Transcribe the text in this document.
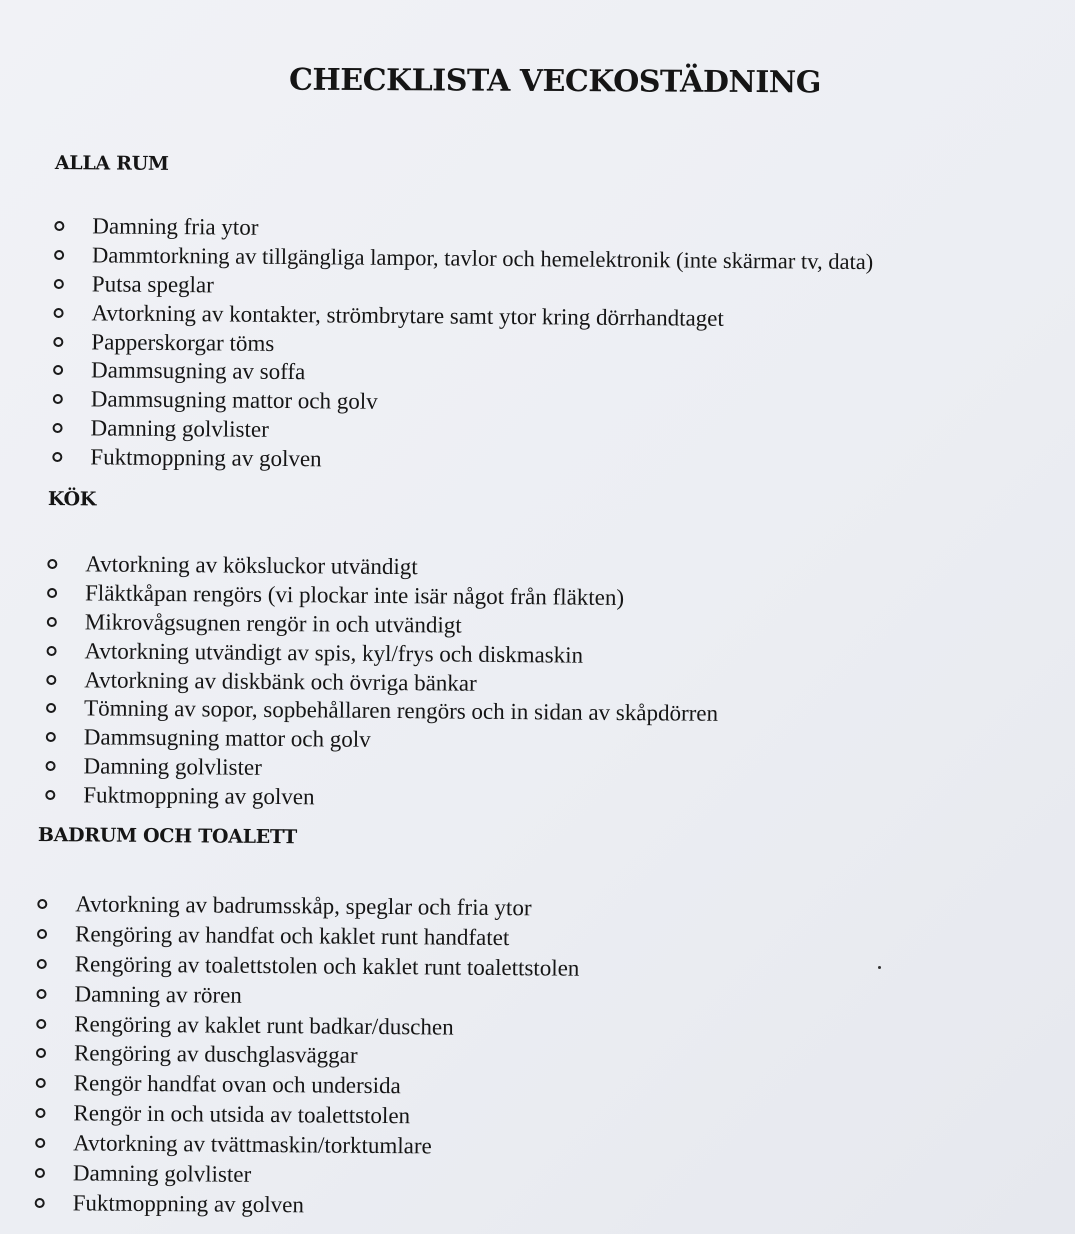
CHECKLISTA VECKOSTÄDNING
ALLA RUM
Damning fria ytor
Dammtorkning av tillgängliga lampor, tavlor och hemelektronik (inte skärmar tv, data)
Putsa speglar
Avtorkning av kontakter, strömbrytare samt ytor kring dörrhandtaget
Papperskorgar töms
Dammsugning av soffa
Dammsugning mattor och golv
Damning golvlister
Fuktmoppning av golven
KÖK
Avtorkning av köksluckor utvändigt
Fläktkåpan rengörs (vi plockar inte isär något från fläkten)
Mikrovågsugnen rengör in och utvändigt
Avtorkning utvändigt av spis, kyl/frys och diskmaskin
Avtorkning av diskbänk och övriga bänkar
Tömning av sopor, sopbehållaren rengörs och in sidan av skåpdörren
Dammsugning mattor och golv
Damning golvlister
Fuktmoppning av golven
BADRUM OCH TOALETT
Avtorkning av badrumsskåp, speglar och fria ytor
Rengöring av handfat och kaklet runt handfatet
Rengöring av toalettstolen och kaklet runt toalettstolen
Damning av rören
Rengöring av kaklet runt badkar/duschen
Rengöring av duschglasväggar
Rengör handfat ovan och undersida
Rengör in och utsida av toalettstolen
Avtorkning av tvättmaskin/torktumlare
Damning golvlister
Fuktmoppning av golven
